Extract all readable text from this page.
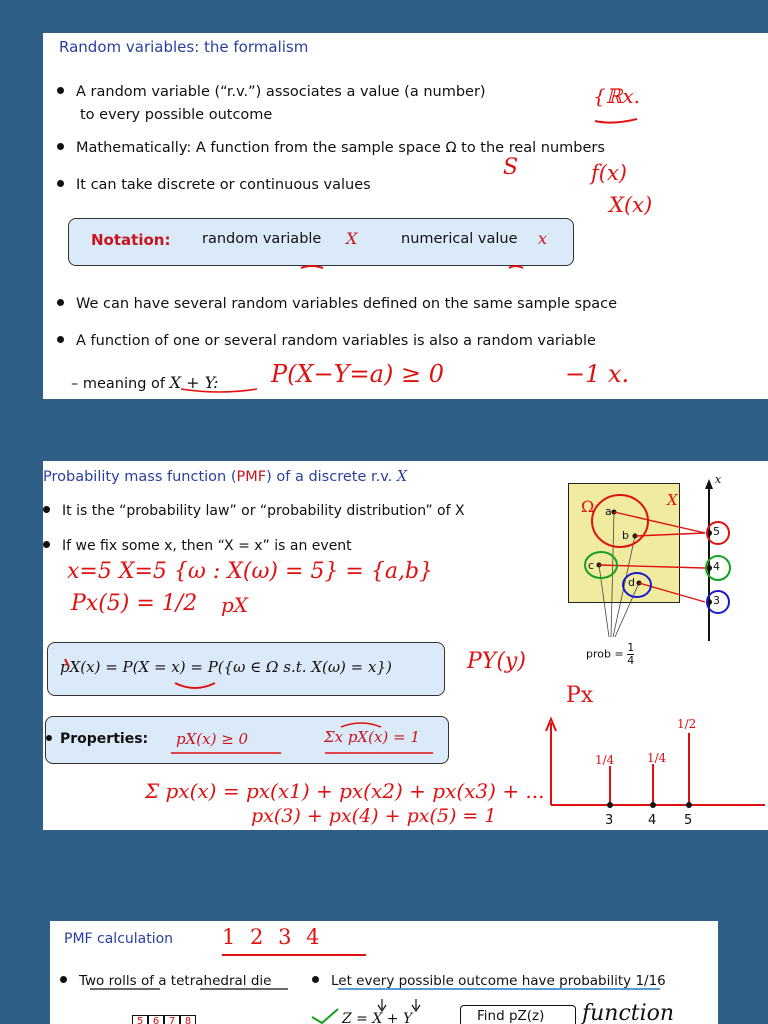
Random variables: the formalism
A random variable (“r.v.”) associates a value (a number)
to every possible outcome
Mathematically: A function from the sample space Ω to the real numbers
It can take discrete or continuous values
Notation: random variable X	numerical value x
We can have several random variables defined on the same sample space
A function of one or several random variables is also a random variable
– meaning of X + Y:
{ℝx.
S	f(x)
X(x)
P(X−Y=a) ≥ 0	−1 x.
Probability mass function (PMF) of a discrete r.v. X
It is the “probability law” or “probability distribution” of X
If we fix some x, then “X = x” is an event
x=5 X=5 {ω : X(ω) = 5} = {a,b}
Px(5) = 1/2 pX
pX(x) = P(X = x) = P({ω ∈ Ω s.t. X(ω) = x})	PY(y)
Properties: pX(x) ≥ 0	Σx pX(x) = 1
Σ px(x) = px(x1) + px(x2) + px(x3) + ...
px(3) + px(4) + px(5) = 1
Ω	X
x
a
b
c
d
5
4
3
prob = $\frac{1}{4}$
Px
1/4	1/4
1/2
3	4 5
PMF calculation 1 2 3 4
Two rolls of a tetrahedral die	Let every possible outcome have probability 1/16
Z = X + Y	Find pZ(z)	function
5 6 7 8
